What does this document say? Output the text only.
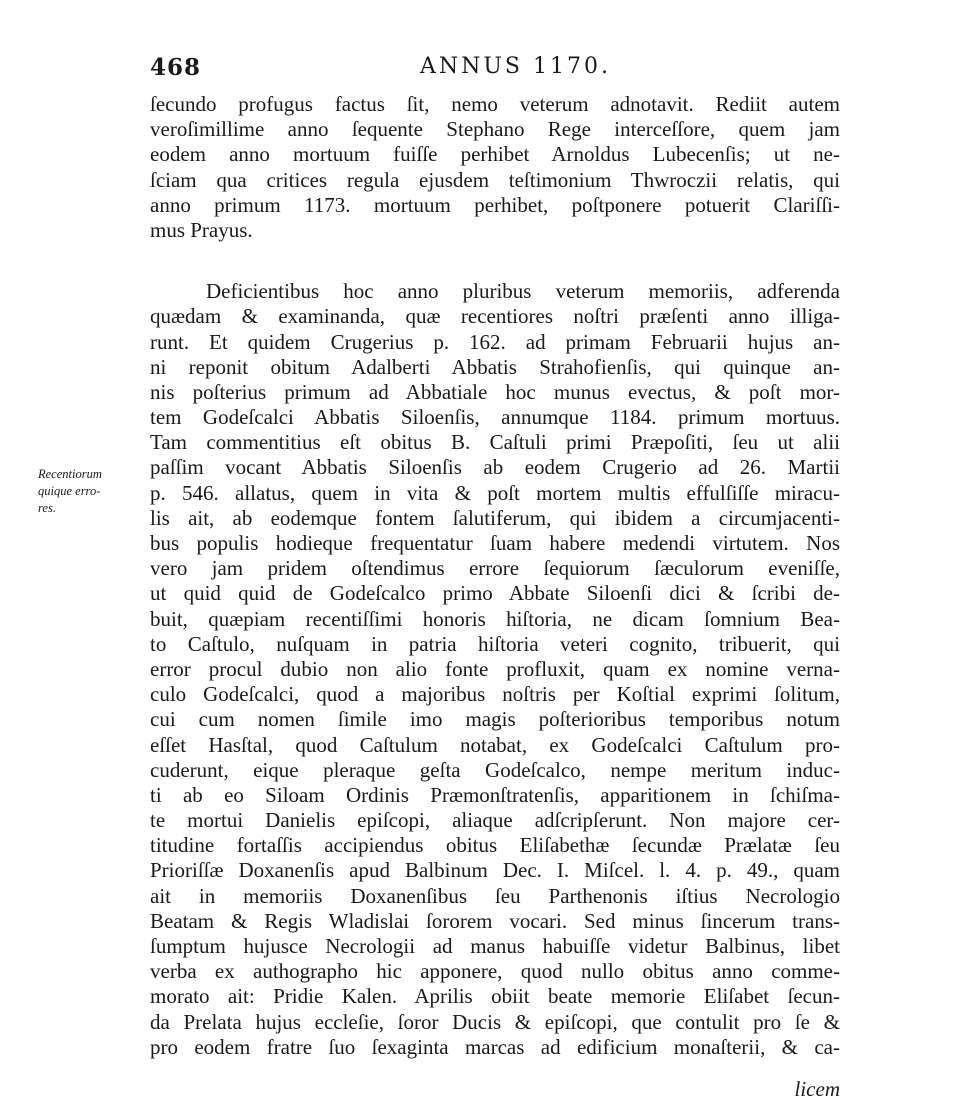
468	ANNUS 1170.
ſecundo profugus factus ſit, nemo veterum adnotavit. Rediit autem
veroſimillime anno ſequente Stephano Rege interceſſore, quem jam
eodem anno mortuum fuiſſe perhibet Arnoldus Lubecenſis; ut ne-
ſciam qua critices regula ejusdem teſtimonium Thwroczii relatis, qui
anno primum 1173. mortuum perhibet, poſtponere potuerit Clariſſi-
mus Prayus.
Deficientibus hoc anno pluribus veterum memoriis, adferenda
quædam & examinanda, quæ recentiores noſtri præſenti anno illiga-
runt. Et quidem Crugerius p. 162. ad primam Februarii hujus an-
ni reponit obitum Adalberti Abbatis Strahofienſis, qui quinque an-
nis poſterius primum ad Abbatiale hoc munus evectus, & poſt mor-
tem Godeſcalci Abbatis Siloenſis, annumque 1184. primum mortuus.
Tam commentitius eſt obitus B. Caſtuli primi Præpoſiti, ſeu ut alii
paſſim vocant Abbatis Siloenſis ab eodem Crugerio ad 26. Martii
p. 546. allatus, quem in vita & poſt mortem multis effulſiſſe miracu-
lis ait, ab eodemque fontem ſalutiferum, qui ibidem a circumjacenti-
bus populis hodieque frequentatur ſuam habere medendi virtutem. Nos
vero jam pridem oſtendimus errore ſequiorum ſæculorum eveniſſe,
ut quid quid de Godeſcalco primo Abbate Siloenſi dici & ſcribi de-
buit, quæpiam recentiſſimi honoris hiſtoria, ne dicam ſomnium Bea-
to Caſtulo, nuſquam in patria hiſtoria veteri cognito, tribuerit, qui
error procul dubio non alio fonte profluxit, quam ex nomine verna-
culo Godeſcalci, quod a majoribus noſtris per Koſtial exprimi ſolitum,
cui cum nomen ſimile imo magis poſterioribus temporibus notum
eſſet Hasſtal, quod Caſtulum notabat, ex Godeſcalci Caſtulum pro-
cuderunt, eique pleraque geſta Godeſcalco, nempe meritum induc-
ti ab eo Siloam Ordinis Præmonſtratenſis, apparitionem in ſchiſma-
te mortui Danielis epiſcopi, aliaque adſcripſerunt. Non majore cer-
titudine fortaſſis accipiendus obitus Eliſabethæ ſecundæ Prælatæ ſeu
Prioriſſæ Doxanenſis apud Balbinum Dec. I. Miſcel. l. 4. p. 49., quam
ait in memoriis Doxanenſibus ſeu Parthenonis iſtius Necrologio
Beatam & Regis Wladislai ſororem vocari. Sed minus ſincerum trans-
ſumptum hujusce Necrologii ad manus habuiſſe videtur Balbinus, libet
verba ex authographo hic apponere, quod nullo obitus anno comme-
morato ait: Pridie Kalen. Aprilis obiit beate memorie Eliſabet ſecun-
da Prelata hujus eccleſie, ſoror Ducis & epiſcopi, que contulit pro ſe &
pro eodem fratre ſuo ſexaginta marcas ad edificium monaſterii, & ca-
Recentiorum
quique erro-
res.
licem
